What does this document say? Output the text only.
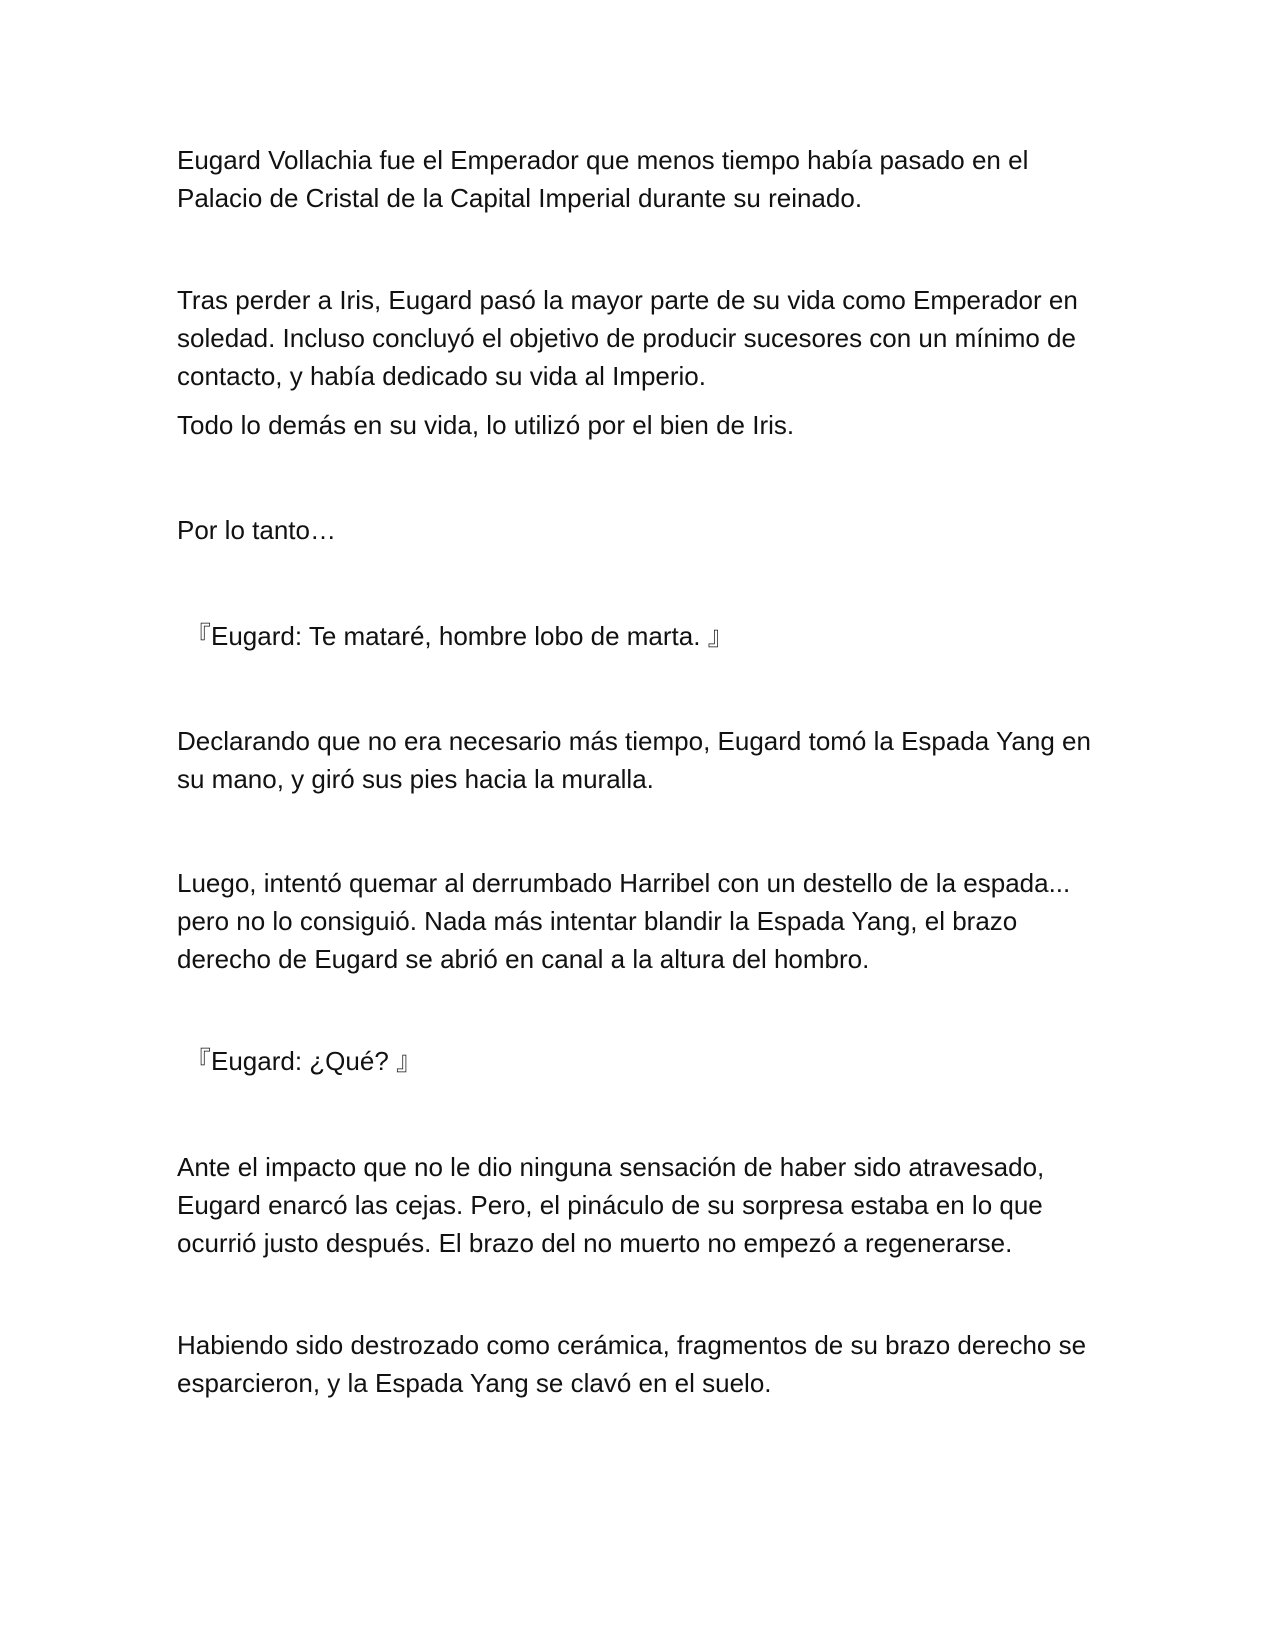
Eugard Vollachia fue el Emperador que menos tiempo había pasado en el
Palacio de Cristal de la Capital Imperial durante su reinado.

Tras perder a Iris, Eugard pasó la mayor parte de su vida como Emperador en
soledad. Incluso concluyó el objetivo de producir sucesores con un mínimo de
contacto, y había dedicado su vida al Imperio.

Todo lo demás en su vida, lo utilizó por el bien de Iris.

Por lo tanto…

『Eugard: Te mataré, hombre lobo de marta. 』

Declarando que no era necesario más tiempo, Eugard tomó la Espada Yang en
su mano, y giró sus pies hacia la muralla.

Luego, intentó quemar al derrumbado Harribel con un destello de la espada...
pero no lo consiguió. Nada más intentar blandir la Espada Yang, el brazo
derecho de Eugard se abrió en canal a la altura del hombro.

『Eugard: ¿Qué? 』

Ante el impacto que no le dio ninguna sensación de haber sido atravesado,
Eugard enarcó las cejas. Pero, el pináculo de su sorpresa estaba en lo que
ocurrió justo después. El brazo del no muerto no empezó a regenerarse.

Habiendo sido destrozado como cerámica, fragmentos de su brazo derecho se
esparcieron, y la Espada Yang se clavó en el suelo.
